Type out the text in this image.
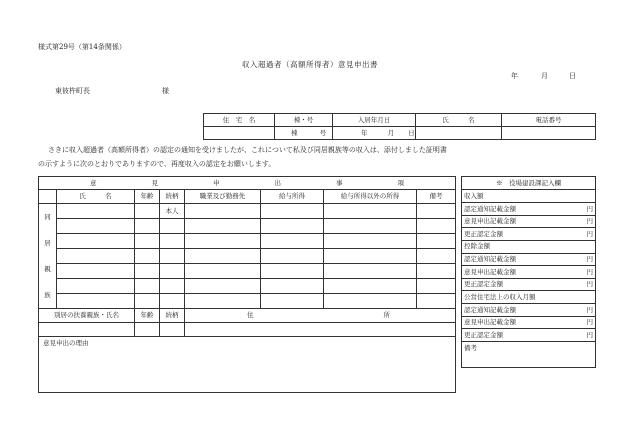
様式第29号（第14条関係）
収入超過者（高額所得者）意見申出書
年	月	日
東彼杵町長	様
住　宅　名	棟・号	入居年月日	氏　　　名	電話番号
	棟 号	年 月 日		
さきに収入超過者（高額所得者）の認定の通知を受けましたが、これについて私及び同居親族等の収入は、添付しました証明書
の示すように次のとおりでありますので、再度収入の認定をお願いします。
意 見 申 出 事 項							
	氏　　　名	年齢	続柄	職業及び勤務先	給与所得	給与所得以外の所得	備考
同
居
親
族			本人				

別居の扶養親族・氏名		年齢	続柄	住 所			

意見申出の理由							
※　役場建設課記入欄
収入額
認定通知記載金額	円

意見申出記載金額	円

更正認定金額	円

控除金額
認定通知記載金額	円

意見申出記載金額	円

更正認定金額	円

公営住宅法上の収入月額
認定通知記載金額	円

意見申出記載金額	円

更正認定金額	円

備考
